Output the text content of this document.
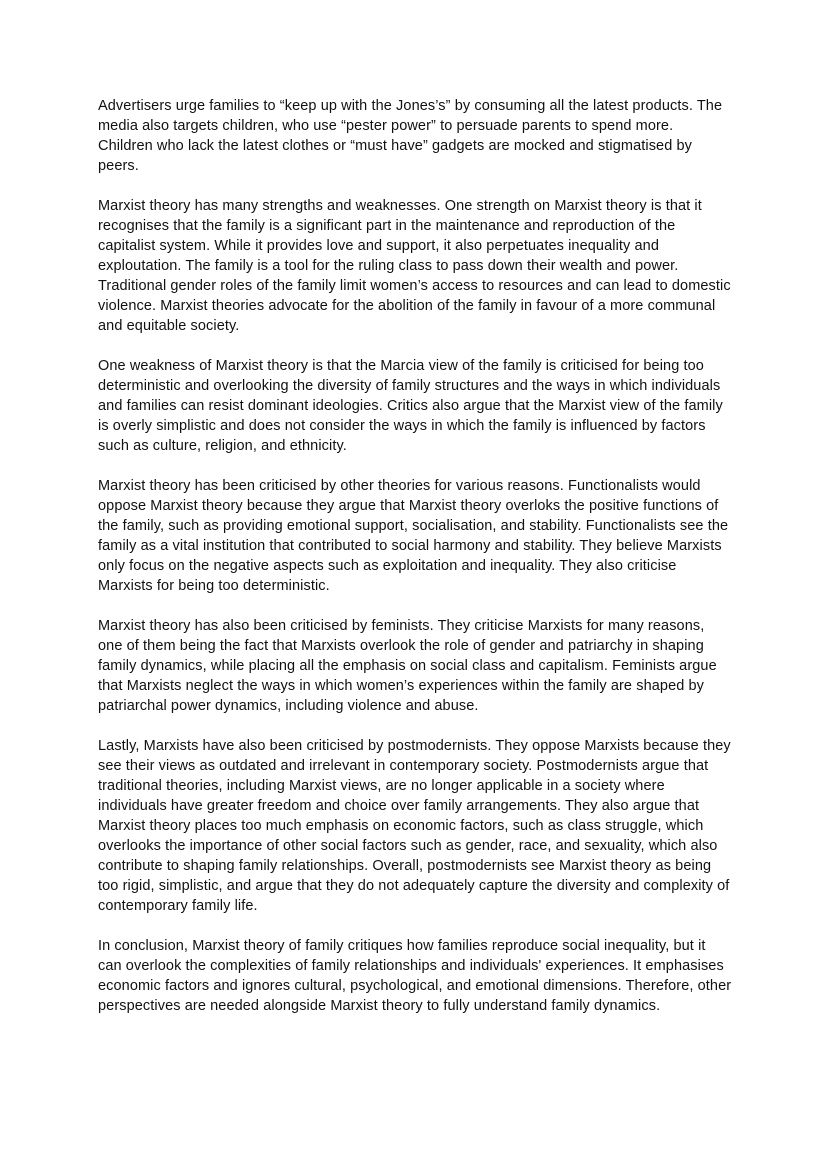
Advertisers urge families to “keep up with the Jones’s” by consuming all the latest products. The media also targets children, who use “pester power” to persuade parents to spend more. Children who lack the latest clothes or “must have” gadgets are mocked and stigmatised by peers.

Marxist theory has many strengths and weaknesses. One strength on Marxist theory is that it recognises that the family is a significant part in the maintenance and reproduction of the capitalist system. While it provides love and support, it also perpetuates inequality and exploutation. The family is a tool for the ruling class to pass down their wealth and power. Traditional gender roles of the family limit women’s access to resources and can lead to domestic violence. Marxist theories advocate for the abolition of the family in favour of a more communal and equitable society.

One weakness of Marxist theory is that the Marcia view of the family is criticised for being too deterministic and overlooking the diversity of family structures and the ways in which individuals and families can resist dominant ideologies. Critics also argue that the Marxist view of the family is overly simplistic and does not consider the ways in which the family is influenced by factors such as culture, religion, and ethnicity.

Marxist theory has been criticised by other theories for various reasons. Functionalists would oppose Marxist theory because they argue that Marxist theory overloks the positive functions of the family, such as providing emotional support, socialisation, and stability. Functionalists see the family as a vital institution that contributed to social harmony and stability. They believe Marxists only focus on the negative aspects such as exploitation and inequality. They also criticise Marxists for being too deterministic.

Marxist theory has also been criticised by feminists. They criticise Marxists for many reasons, one of them being the fact that Marxists overlook the role of gender and patriarchy in shaping family dynamics, while placing all the emphasis on social class and capitalism. Feminists argue that Marxists neglect the ways in which women’s experiences within the family are shaped by patriarchal power dynamics, including violence and abuse.

Lastly, Marxists have also been criticised by postmodernists. They oppose Marxists because they see their views as outdated and irrelevant in contemporary society. Postmodernists argue that traditional theories, including Marxist views, are no longer applicable in a society where individuals have greater freedom and choice over family arrangements. They also argue that Marxist theory places too much emphasis on economic factors, such as class struggle, which overlooks the importance of other social factors such as gender, race, and sexuality, which also contribute to shaping family relationships. Overall, postmodernists see Marxist theory as being too rigid, simplistic, and argue that they do not adequately capture the diversity and complexity of contemporary family life.

In conclusion, Marxist theory of family critiques how families reproduce social inequality, but it can overlook the complexities of family relationships and individuals' experiences. It emphasises economic factors and ignores cultural, psychological, and emotional dimensions. Therefore, other perspectives are needed alongside Marxist theory to fully understand family dynamics.
